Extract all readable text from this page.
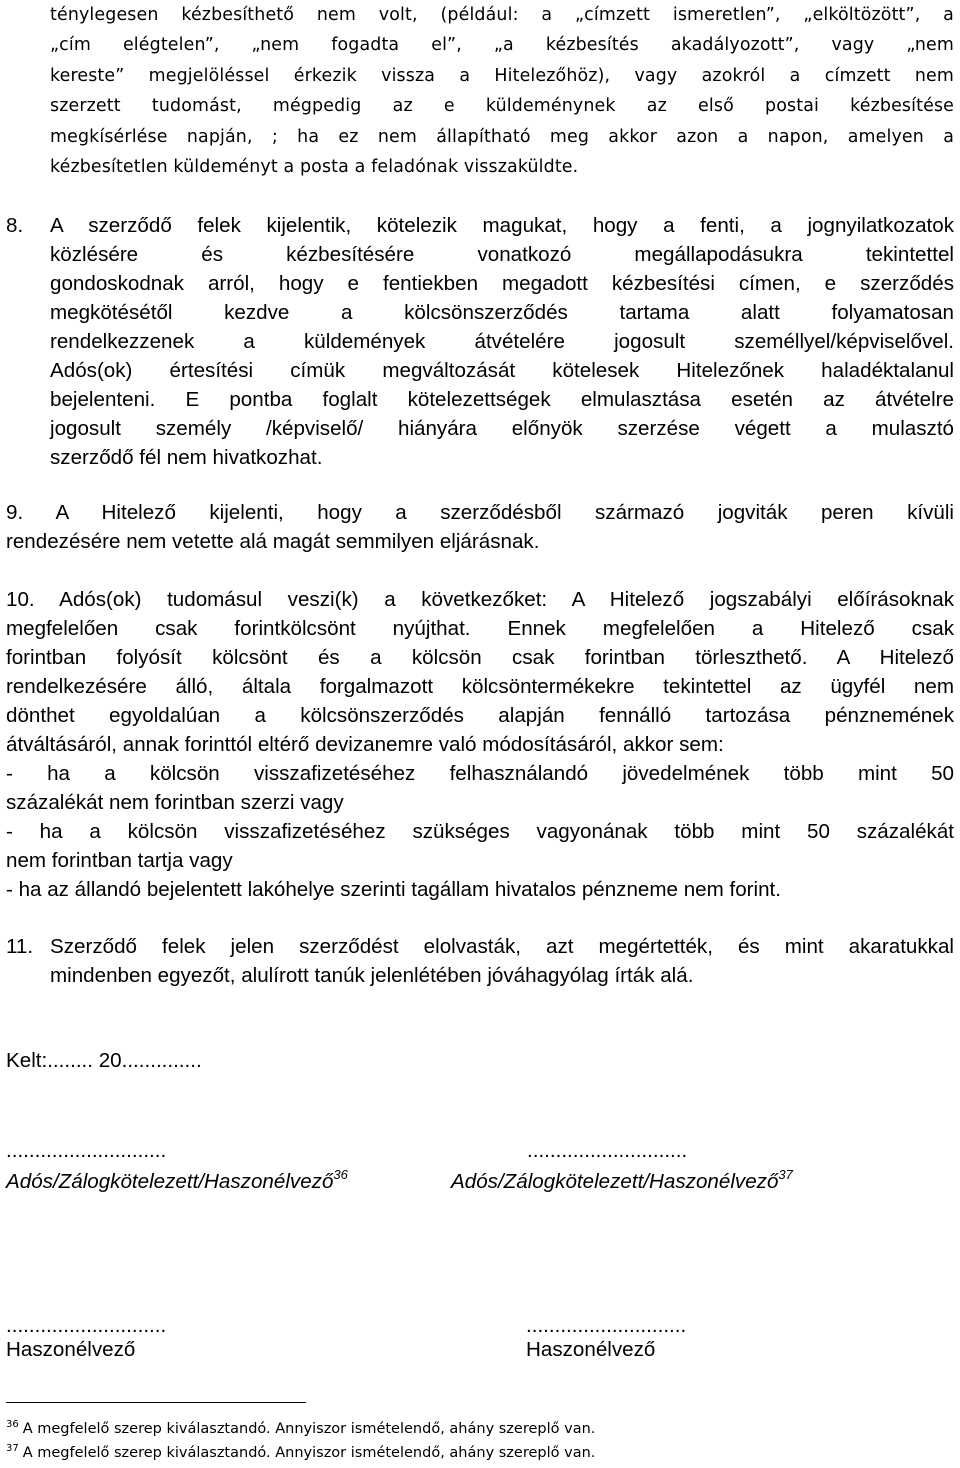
ténylegesen kézbesíthető nem volt, (például: a „címzett ismeretlen”, „elköltözött”, a

„cím elégtelen”, „nem fogadta el”, „a kézbesítés akadályozott”, vagy „nem

kereste” megjelöléssel érkezik vissza a Hitelezőhöz), vagy azokról a címzett nem

szerzett tudomást, mégpedig az e küldeménynek az első postai kézbesítése

megkísérlése napján, ; ha ez nem állapítható meg akkor azon a napon, amelyen a

kézbesítetlen küldeményt a posta a feladónak visszaküldte.

8. A szerződő felek kijelentik, kötelezik magukat, hogy a fenti, a jognyilatkozatok

közlésére és kézbesítésére vonatkozó megállapodásukra tekintettel

gondoskodnak arról, hogy e fentiekben megadott kézbesítési címen, e szerződés

megkötésétől kezdve a kölcsönszerződés tartama alatt folyamatosan

rendelkezzenek a küldemények átvételére jogosult személlyel/képviselővel.

Adós(ok) értesítési címük megváltozását kötelesek Hitelezőnek haladéktalanul

bejelenteni. E pontba foglalt kötelezettségek elmulasztása esetén az átvételre

jogosult személy /képviselő/ hiányára előnyök szerzése végett a mulasztó

szerződő fél nem hivatkozhat.

9. A Hitelező kijelenti, hogy a szerződésből származó jogviták peren kívüli

rendezésére nem vetette alá magát semmilyen eljárásnak.

10. Adós(ok) tudomásul veszi(k) a következőket: A Hitelező jogszabályi előírásoknak

megfelelően csak forintkölcsönt nyújthat. Ennek megfelelően a Hitelező csak

forintban folyósít kölcsönt és a kölcsön csak forintban törleszthető. A Hitelező

rendelkezésére álló, általa forgalmazott kölcsöntermékekre tekintettel az ügyfél nem

dönthet egyoldalúan a kölcsönszerződés alapján fennálló tartozása pénznemének

átváltásáról, annak forinttól eltérő devizanemre való módosításáról, akkor sem:

- ha a kölcsön visszafizetéséhez felhasználandó jövedelmének több mint 50

százalékát nem forintban szerzi vagy

- ha a kölcsön visszafizetéséhez szükséges vagyonának több mint 50 százalékát

nem forintban tartja vagy

- ha az állandó bejelentett lakóhelye szerinti tagállam hivatalos pénzneme nem forint.

11. Szerződő felek jelen szerződést elolvasták, azt megértették, és mint akaratukkal

mindenben egyezőt, alulírott tanúk jelenlétében jóváhagyólag írták alá.

Kelt:........ 20..............
............................
Adós/Zálogkötelezett/Haszonélvező$^{36}$
............................
Adós/Zálogkötelezett/Haszonélvező$^{37}$
............................
Haszonélvező
............................
Haszonélvező
$^{36}$ A megfelelő szerep kiválasztandó. Annyiszor ismételendő, ahány szereplő van.
$^{37}$ A megfelelő szerep kiválasztandó. Annyiszor ismételendő, ahány szereplő van.
